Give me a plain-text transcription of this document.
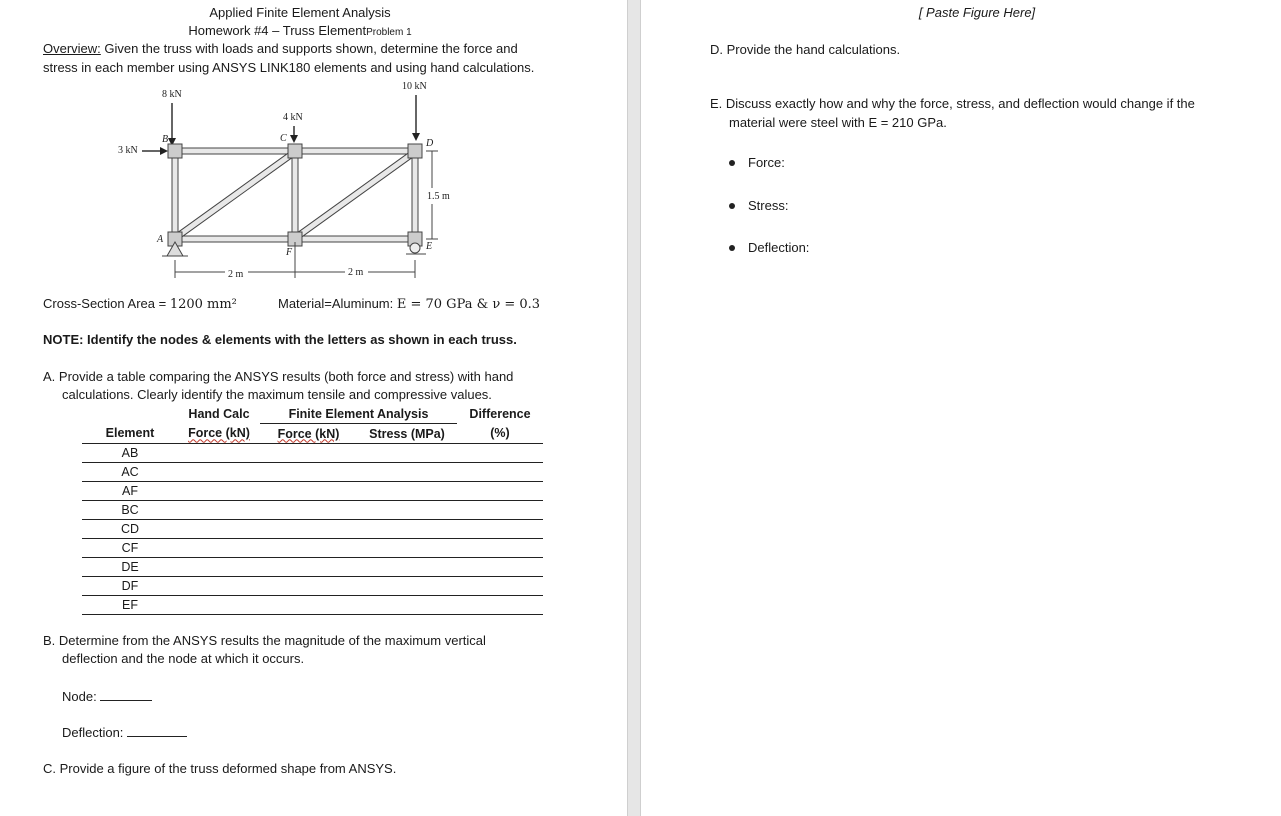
Applied Finite Element Analysis
Homework #4 – Truss ElementProblem 1
Overview: Given the truss with loads and supports shown, determine the force and
stress in each member using ANSYS LINK180 elements and using hand calculations.
8 kN
4 kN
10 kN
3 kN
A
B	C	D
E
F
2 m	2 m
1.5 m
Cross-Section Area = 1200 mm²	Material=Aluminum: E = 70 GPa & ν = 0.3
NOTE: Identify the nodes & elements with the letters as shown in each truss.
A. Provide a table comparing the ANSYS results (both force and stress) with hand
calculations. Clearly identify the maximum tensile and compressive values.
	Hand Calc	Finite Element Analysis		Difference
Element	Force (kN)	Force (kN)	Stress (MPa)	(%)
AB				
AC				
AF				
BC				
CD				
CF				
DE				
DF				
EF				
B. Determine from the ANSYS results the magnitude of the maximum vertical
deflection and the node at which it occurs.
Node:
Deflection:
C. Provide a figure of the truss deformed shape from ANSYS.
[ Paste Figure Here]
D. Provide the hand calculations.
E. Discuss exactly how and why the force, stress, and deflection would change if the
material were steel with E = 210 GPa.
Force:
Stress:
Deflection:
